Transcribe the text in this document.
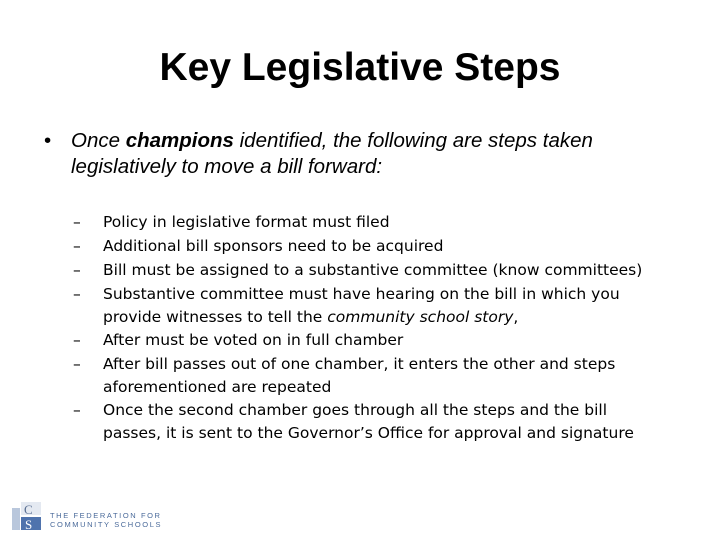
Key Legislative Steps
• Once champions identified, the following are steps taken legislatively to move a bill forward:
– Policy in legislative format must filed
– Additional bill sponsors need to be acquired
– Bill must be assigned to a substantive committee (know committees)
– Substantive committee must have hearing on the bill in which you
provide witnesses to tell the community school story,
– After must be voted on in full chamber
– After bill passes out of one chamber, it enters the other and steps
aforementioned are repeated
– Once the second chamber goes through all the steps and the bill
passes, it is sent to the Governor’s Office for approval and signature
C
S
THE FEDERATION FOR
COMMUNITY SCHOOLS
